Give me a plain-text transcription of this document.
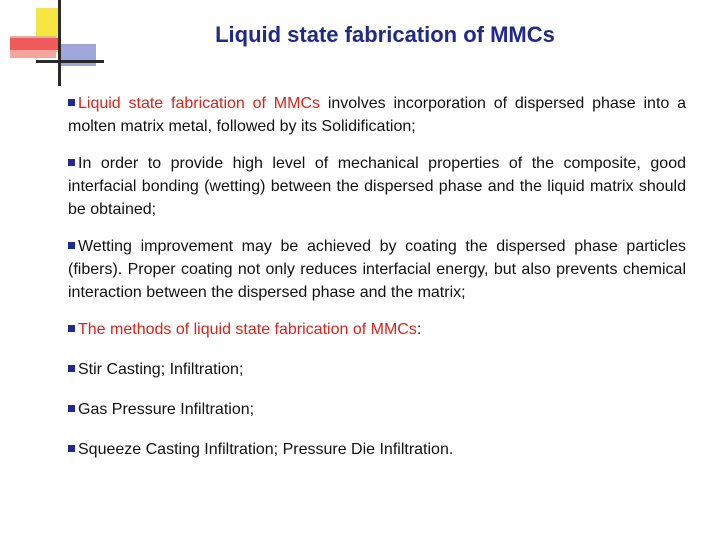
Liquid state fabrication of MMCs

Liquid state fabrication of MMCs involves incorporation of dispersed phase into a molten matrix metal, followed by its Solidification;

In order to provide high level of mechanical properties of the composite, good interfacial bonding (wetting) between the dispersed phase and the liquid matrix should be obtained;

Wetting improvement may be achieved by coating the dispersed phase particles (fibers). Proper coating not only reduces interfacial energy, but also prevents chemical interaction between the dispersed phase and the matrix;

The methods of liquid state fabrication of MMCs:

Stir Casting; Infiltration;

Gas Pressure Infiltration;

Squeeze Casting Infiltration; Pressure Die Infiltration.
